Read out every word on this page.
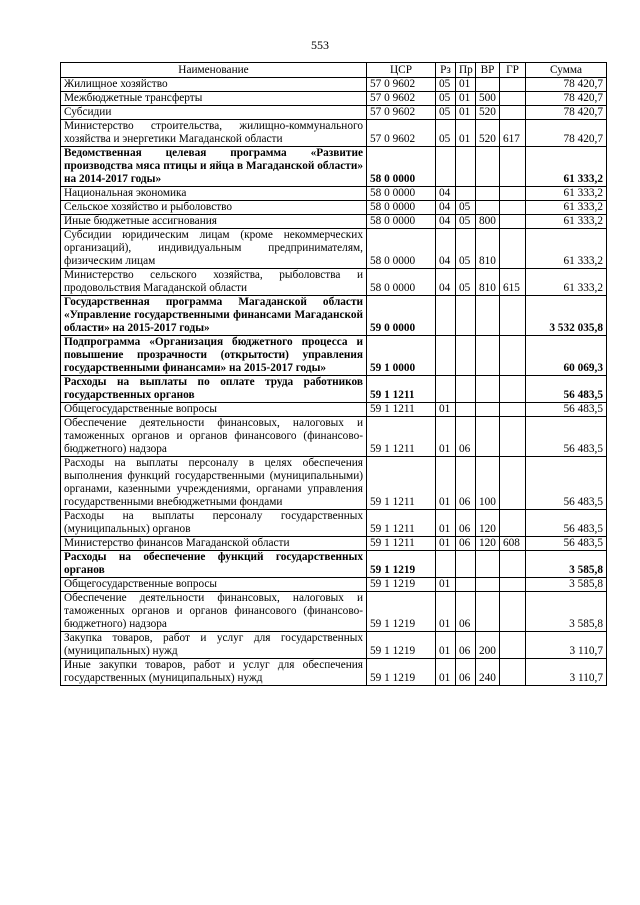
553
Наименование	ЦСР	Рз	Пр	ВР	ГР	Сумма
Жилищное хозяйство	57 0 9602	05	01			78 420,7
Межбюджетные трансферты	57 0 9602	05	01	500		78 420,7
Субсидии	57 0 9602	05	01	520		78 420,7
Министерство строительства, жилищно-коммунального хозяйства и энергетики Магаданской области	57 0 9602	05	01	520	617	78 420,7
Ведомственная целевая программа «Развитие производства мяса птицы и яйца в Магаданской области» на 2014-2017 годы»	58 0 0000					61 333,2
Национальная экономика	58 0 0000	04				61 333,2
Сельское хозяйство и рыболовство	58 0 0000	04	05			61 333,2
Иные бюджетные ассигнования	58 0 0000	04	05	800		61 333,2
Субсидии юридическим лицам (кроме некоммерческих организаций), индивидуальным предпринимателям, физическим лицам	58 0 0000	04	05	810		61 333,2
Министерство сельского хозяйства, рыболовства и продовольствия Магаданской области	58 0 0000	04	05	810	615	61 333,2
Государственная программа Магаданской области «Управление государственными финансами Магаданской области» на 2015-2017 годы»	59 0 0000					3 532 035,8
Подпрограмма «Организация бюджетного процесса и повышение прозрачности (открытости) управления государственными финансами» на 2015-2017 годы»	59 1 0000					60 069,3
Расходы на выплаты по оплате труда работников государственных органов	59 1 1211					56 483,5
Общегосударственные вопросы	59 1 1211	01				56 483,5
Обеспечение деятельности финансовых, налоговых и таможенных органов и органов финансового (финансово-бюджетного) надзора	59 1 1211	01	06			56 483,5
Расходы на выплаты персоналу в целях обеспечения выполнения функций государственными (муниципальными) органами, казенными учреждениями, органами управления государственными внебюджетными фондами	59 1 1211	01	06	100		56 483,5
Расходы на выплаты персоналу государственных (муниципальных) органов	59 1 1211	01	06	120		56 483,5
Министерство финансов Магаданской области	59 1 1211	01	06	120	608	56 483,5
Расходы на обеспечение функций государственных органов	59 1 1219					3 585,8
Общегосударственные вопросы	59 1 1219	01				3 585,8
Обеспечение деятельности финансовых, налоговых и таможенных органов и органов финансового (финансово-бюджетного) надзора	59 1 1219	01	06			3 585,8
Закупка товаров, работ и услуг для государственных (муниципальных) нужд	59 1 1219	01	06	200		3 110,7
Иные закупки товаров, работ и услуг для обеспечения государственных (муниципальных) нужд	59 1 1219	01	06	240		3 110,7
